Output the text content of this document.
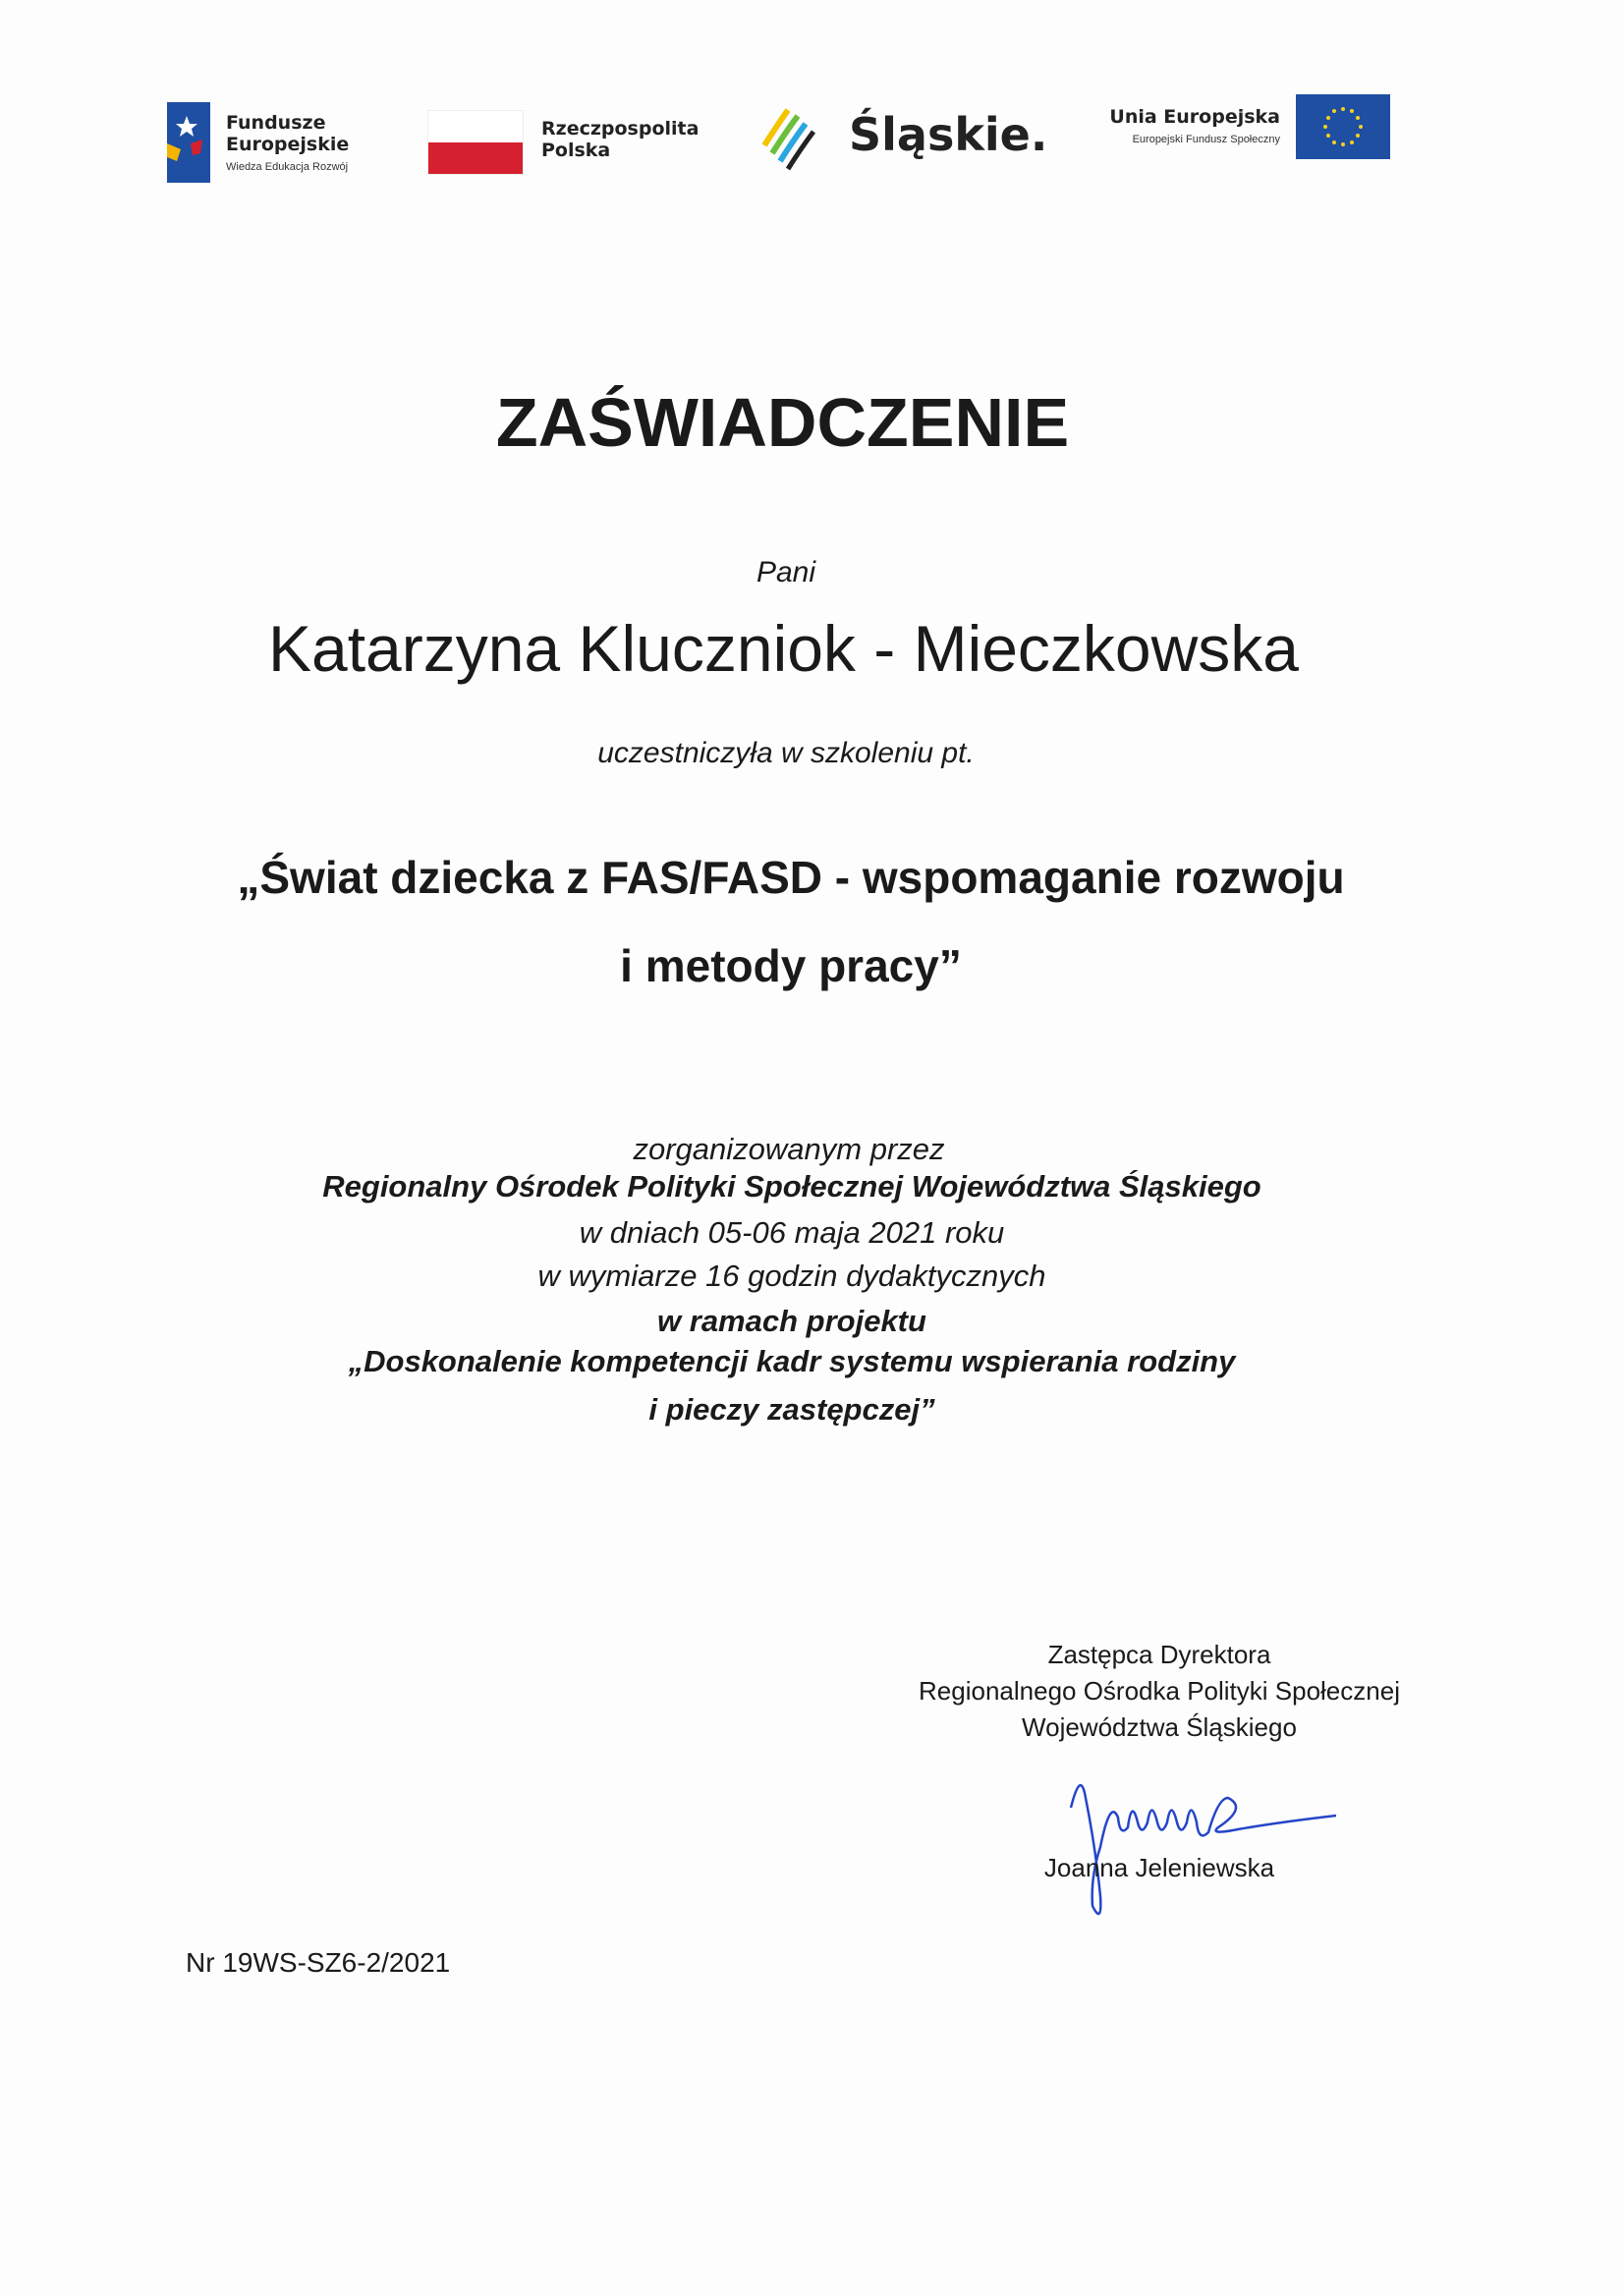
Fundusze
Europejskie
Wiedza Edukacja Rozwój
Rzeczpospolita
Polska	Śląskie.	Unia Europejska
Europejski Fundusz Społeczny
ZAŚWIADCZENIE
Pani
Katarzyna Kluczniok - Mieczkowska
uczestniczyła w szkoleniu pt.
„Świat dziecka z FAS/FASD - wspomaganie rozwoju
i metody pracy”
zorganizowanym przez
Regionalny Ośrodek Polityki Społecznej Województwa Śląskiego
w dniach 05-06 maja 2021 roku
w wymiarze 16 godzin dydaktycznych
w ramach projektu
„Doskonalenie kompetencji kadr systemu wspierania rodziny
i pieczy zastępczej”
Zastępca Dyrektora
Regionalnego Ośrodka Polityki Społecznej
Województwa Śląskiego
Joanna Jeleniewska
Nr 19WS-SZ6-2/2021
